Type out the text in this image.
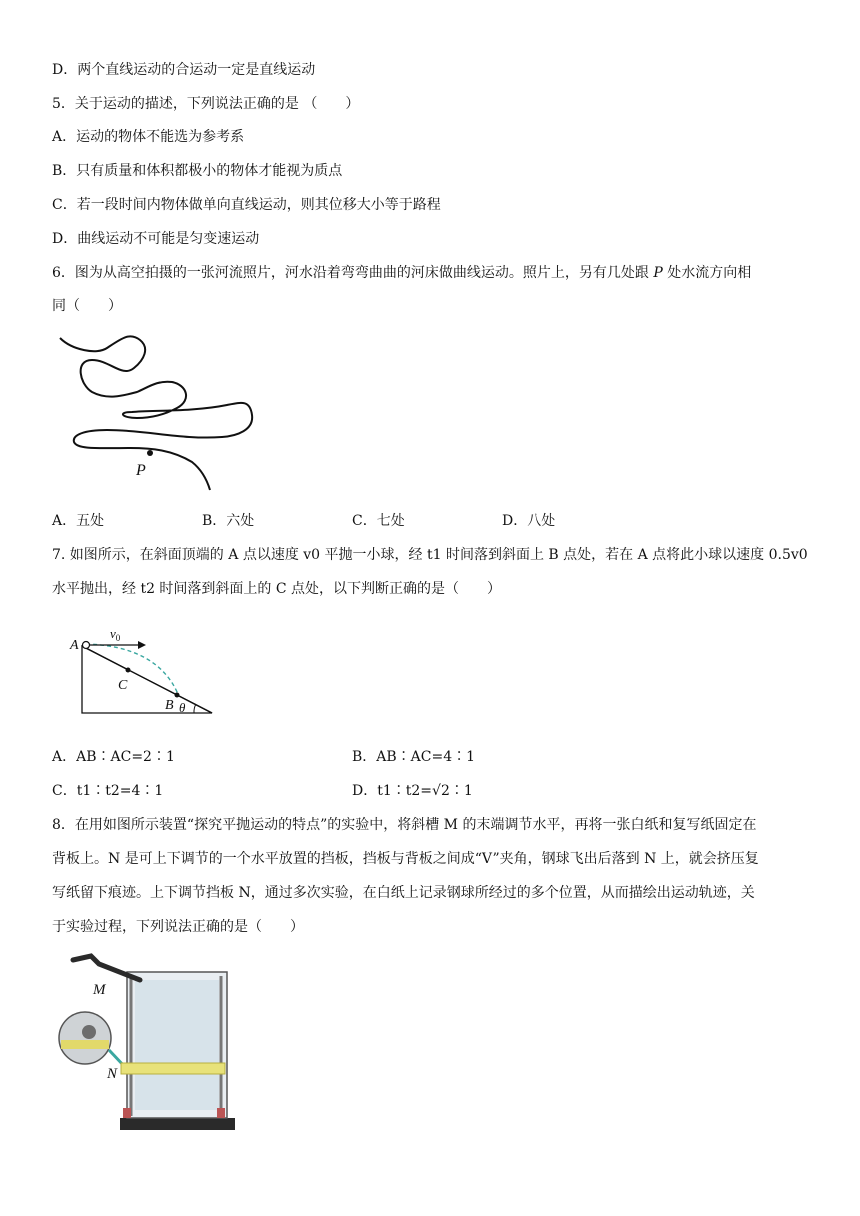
D．两个直线运动的合运动一定是直线运动
5．关于运动的描述，下列说法正确的是 （　　）
A．运动的物体不能选为参考系
B．只有质量和体积都极小的物体才能视为质点
C．若一段时间内物体做单向直线运动，则其位移大小等于路程
D．曲线运动不可能是匀变速运动
6．图为从高空拍摄的一张河流照片，河水沿着弯弯曲曲的河床做曲线运动。照片上，另有几处跟 P 处水流方向相
同（　　）
P
A．五处	B．六处	C．七处	D．八处
7. 如图所示，在斜面顶端的 A 点以速度 v0 平抛一小球，经 t1 时间落到斜面上 B 点处，若在 A 点将此小球以速度 0.5v0
水平抛出，经 t2 时间落到斜面上的 C 点处，以下判断正确的是（　　）
A
$v_0$
C
B θ
A．AB∶AC=2∶1	B．AB∶AC=4∶1
C．t1∶t2=4∶1	D．t1∶t2=√2∶1
8．在用如图所示装置“探究平抛运动的特点”的实验中，将斜槽 M 的末端调节水平，再将一张白纸和复写纸固定在
背板上。N 是可上下调节的一个水平放置的挡板，挡板与背板之间成“V”夹角，钢球飞出后落到 N 上，就会挤压复
写纸留下痕迹。上下调节挡板 N，通过多次实验，在白纸上记录钢球所经过的多个位置，从而描绘出运动轨迹，关
于实验过程，下列说法正确的是（　　）
M
N
